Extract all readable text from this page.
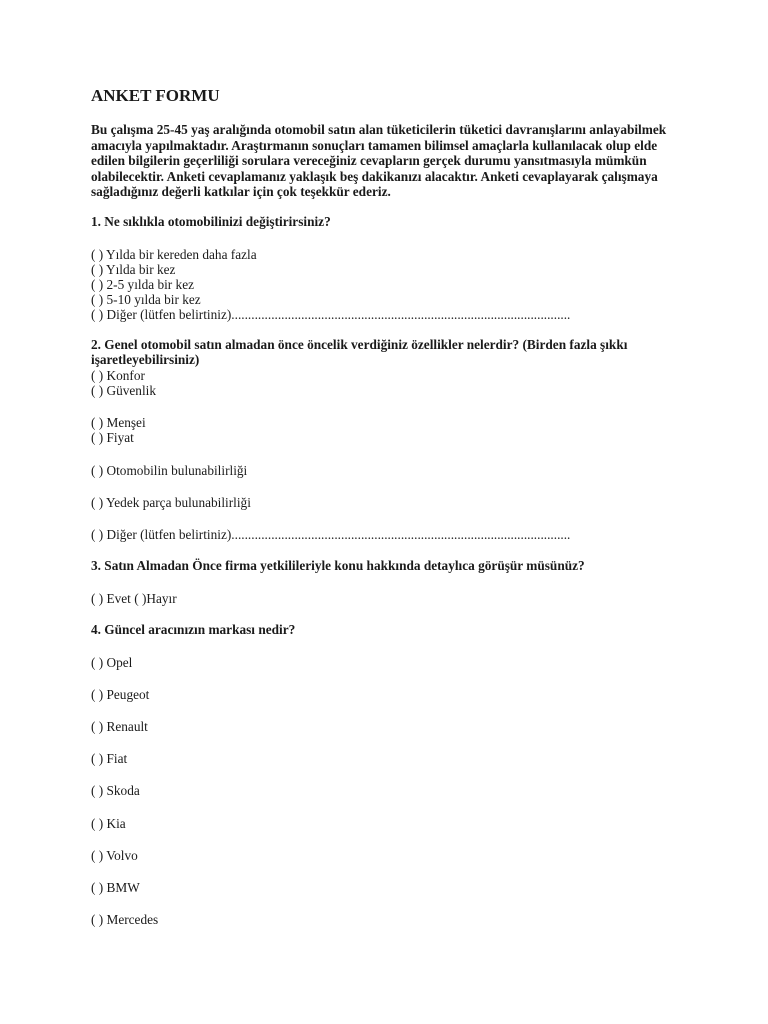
ANKET FORMU

Bu çalışma 25-45 yaş aralığında otomobil satın alan tüketicilerin tüketici davranışlarını anlayabilmek amacıyla yapılmaktadır. Araştırmanın sonuçları tamamen bilimsel amaçlarla kullanılacak olup elde edilen bilgilerin geçerliliği sorulara vereceğiniz cevapların gerçek durumu yansıtmasıyla mümkün olabilecektir. Anketi cevaplamanız yaklaşık beş dakikanızı alacaktır. Anketi cevaplayarak çalışmaya sağladığınız değerli katkılar için çok teşekkür ederiz.

1. Ne sıklıkla otomobilinizi değiştirirsiniz?

( ) Yılda bir kereden daha fazla

( ) Yılda bir kez

( ) 2-5 yılda bir kez

( ) 5-10 yılda bir kez

( ) Diğer (lütfen belirtiniz)......................................................................................................

2. Genel otomobil satın almadan önce öncelik verdiğiniz özellikler nelerdir? (Birden fazla şıkkı işaretleyebilirsiniz)

( ) Konfor

( ) Güvenlik

( ) Menşei

( ) Fiyat

( ) Otomobilin bulunabilirliği

( ) Yedek parça bulunabilirliği

( ) Diğer (lütfen belirtiniz)......................................................................................................

3. Satın Almadan Önce firma yetkilileriyle konu hakkında detaylıca görüşür müsünüz?

( ) Evet ( )Hayır

4. Güncel aracınızın markası nedir?

( ) Opel

( ) Peugeot

( ) Renault

( ) Fiat

( ) Skoda

( ) Kia

( ) Volvo

( ) BMW

( ) Mercedes
